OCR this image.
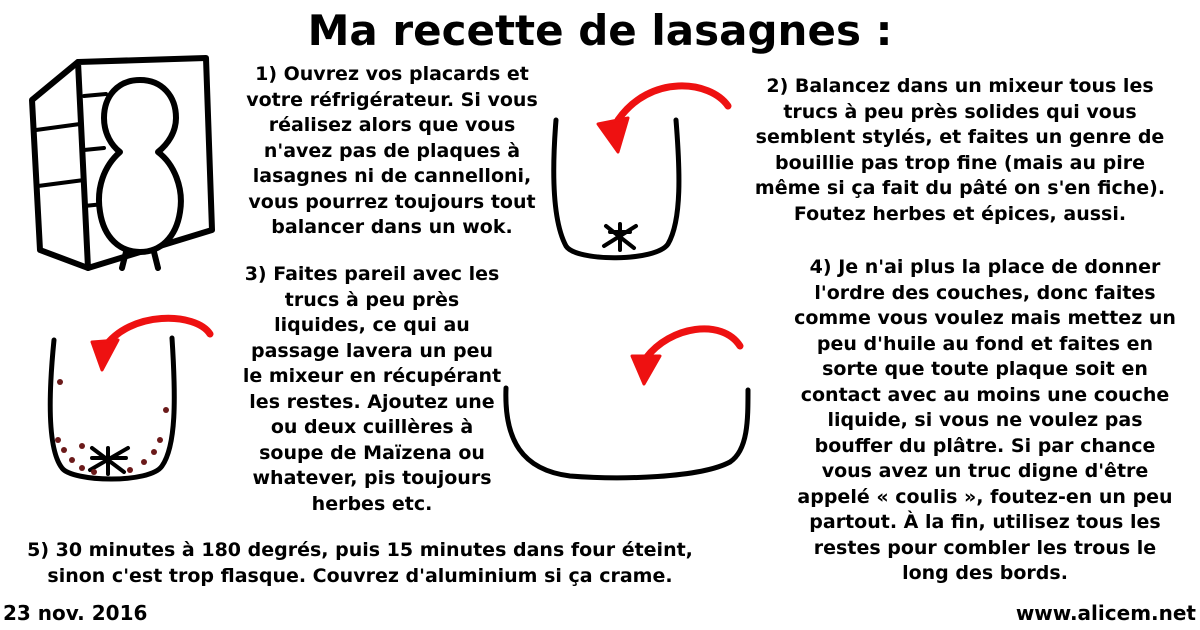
Ma recette de lasagnes :

1) Ouvrez vos placards et
votre réfrigérateur. Si vous
réalisez alors que vous
n'avez pas de plaques à
lasagnes ni de cannelloni,
vous pourrez toujours tout
balancer dans un wok.

2) Balancez dans un mixeur tous les
trucs à peu près solides qui vous
semblent stylés, et faites un genre de
bouillie pas trop fine (mais au pire
même si ça fait du pâté on s'en fiche).
Foutez herbes et épices, aussi.

3) Faites pareil avec les
trucs à peu près
liquides, ce qui au
passage lavera un peu
le mixeur en récupérant
les restes. Ajoutez une
ou deux cuillères à
soupe de Maïzena ou
whatever, pis toujours
herbes etc.

4) Je n'ai plus la place de donner
l'ordre des couches, donc faites
comme vous voulez mais mettez un
peu d'huile au fond et faites en
sorte que toute plaque soit en
contact avec au moins une couche
liquide, si vous ne voulez pas
bouffer du plâtre. Si par chance
vous avez un truc digne d'être
appelé « coulis », foutez-en un peu
partout. À la fin, utilisez tous les
restes pour combler les trous le
long des bords.

5) 30 minutes à 180 degrés, puis 15 minutes dans four éteint,
sinon c'est trop flasque. Couvrez d'aluminium si ça crame.

23 nov. 2016	www.alicem.net
